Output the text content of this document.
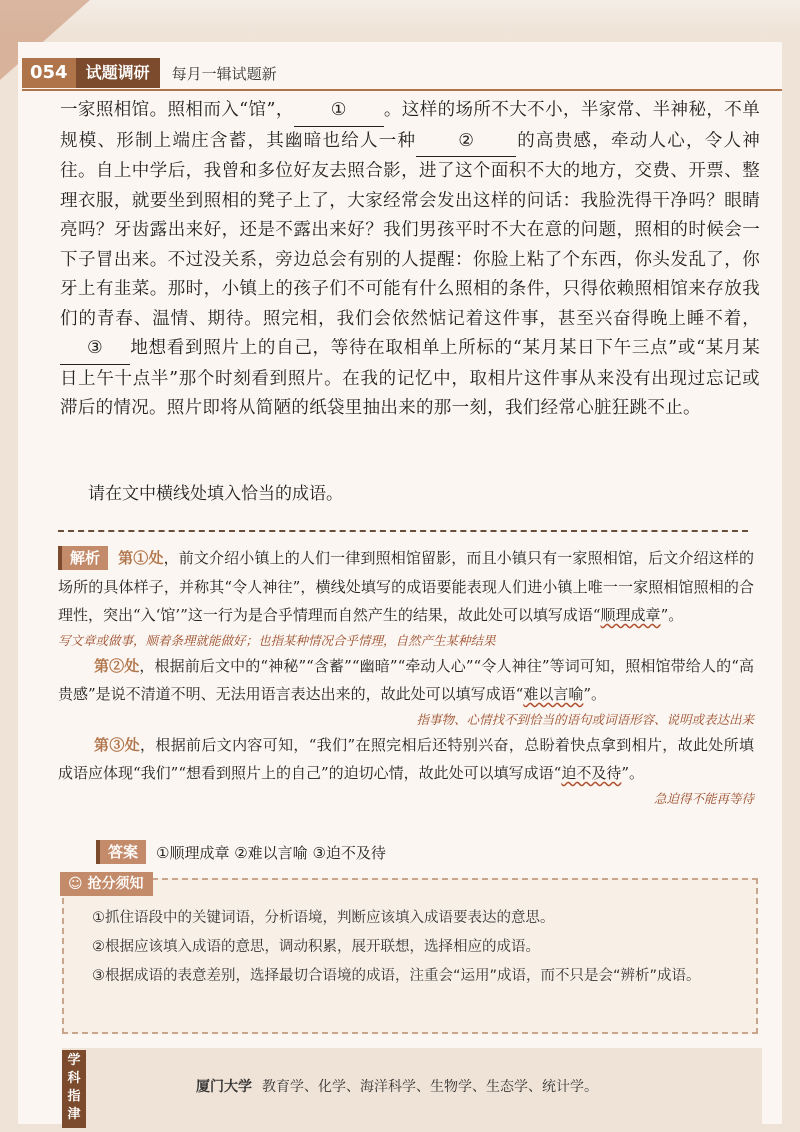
054	试题调研	每月一辑试题新

一家照相馆。照相而入“馆”， ① 。这样的场所不大不小，半家常、半神秘，不单规模、形制上端庄含蓄，其幽暗也给人一种 ② 的高贵感，牵动人心，令人神往。自上中学后，我曾和多位好友去照合影，进了这个面积不大的地方，交费、开票、整理衣服，就要坐到照相的凳子上了，大家经常会发出这样的问话：我脸洗得干净吗？眼睛亮吗？牙齿露出来好，还是不露出来好？我们男孩平时不大在意的问题，照相的时候会一下子冒出来。不过没关系，旁边总会有别的人提醒：你脸上粘了个东西，你头发乱了，你牙上有韭菜。那时，小镇上的孩子们不可能有什么照相的条件，只得依赖照相馆来存放我们的青春、温情、期待。照完相，我们会依然惦记着这件事，甚至兴奋得晚上睡不着，③ 地想看到照片上的自己，等待在取相单上所标的“某月某日下午三点”或“某月某日上午十点半”那个时刻看到照片。在我的记忆中，取相片这件事从来没有出现过忘记或滞后的情况。照片即将从简陋的纸袋里抽出来的那一刻，我们经常心脏狂跳不止。

请在文中横线处填入恰当的成语。

解析 第①处，前文介绍小镇上的人们一律到照相馆留影，而且小镇只有一家照相馆，后文介绍这样的场所的具体样子，并称其“令人神往”，横线处填写的成语要能表现人们进小镇上唯一一家照相馆照相的合理性，突出“入‘馆’”这一行为是合乎情理而自然产生的结果，故此处可以填写成语“顺理成章”。

写文章或做事，顺着条理就能做好；也指某种情况合乎情理，自然产生某种结果

第②处，根据前后文中的“神秘”“含蓄”“幽暗”“牵动人心”“令人神往”等词可知，照相馆带给人的“高贵感”是说不清道不明、无法用语言表达出来的，故此处可以填写成语“难以言喻”。

指事物、心情找不到恰当的语句或词语形容、说明或表达出来

第③处，根据前后文内容可知，“我们”在照完相后还特别兴奋，总盼着快点拿到相片，故此处所填成语应体现“我们”“想看到照片上的自己”的迫切心情，故此处可以填写成语“迫不及待”。

急迫得不能再等待
答案	①顺理成章 ②难以言喻 ③迫不及待
☺ 抢分须知
①抓住语段中的关键词语，分析语境，判断应该填入成语要表达的意思。
②根据应该填入成语的意思，调动积累，展开联想，选择相应的成语。
③根据成语的表意差别，选择最切合语境的成语，注重会“运用”成语，而不只是会“辨析”成语。
学科指津
厦门大学 教育学、化学、海洋科学、生物学、生态学、统计学。
